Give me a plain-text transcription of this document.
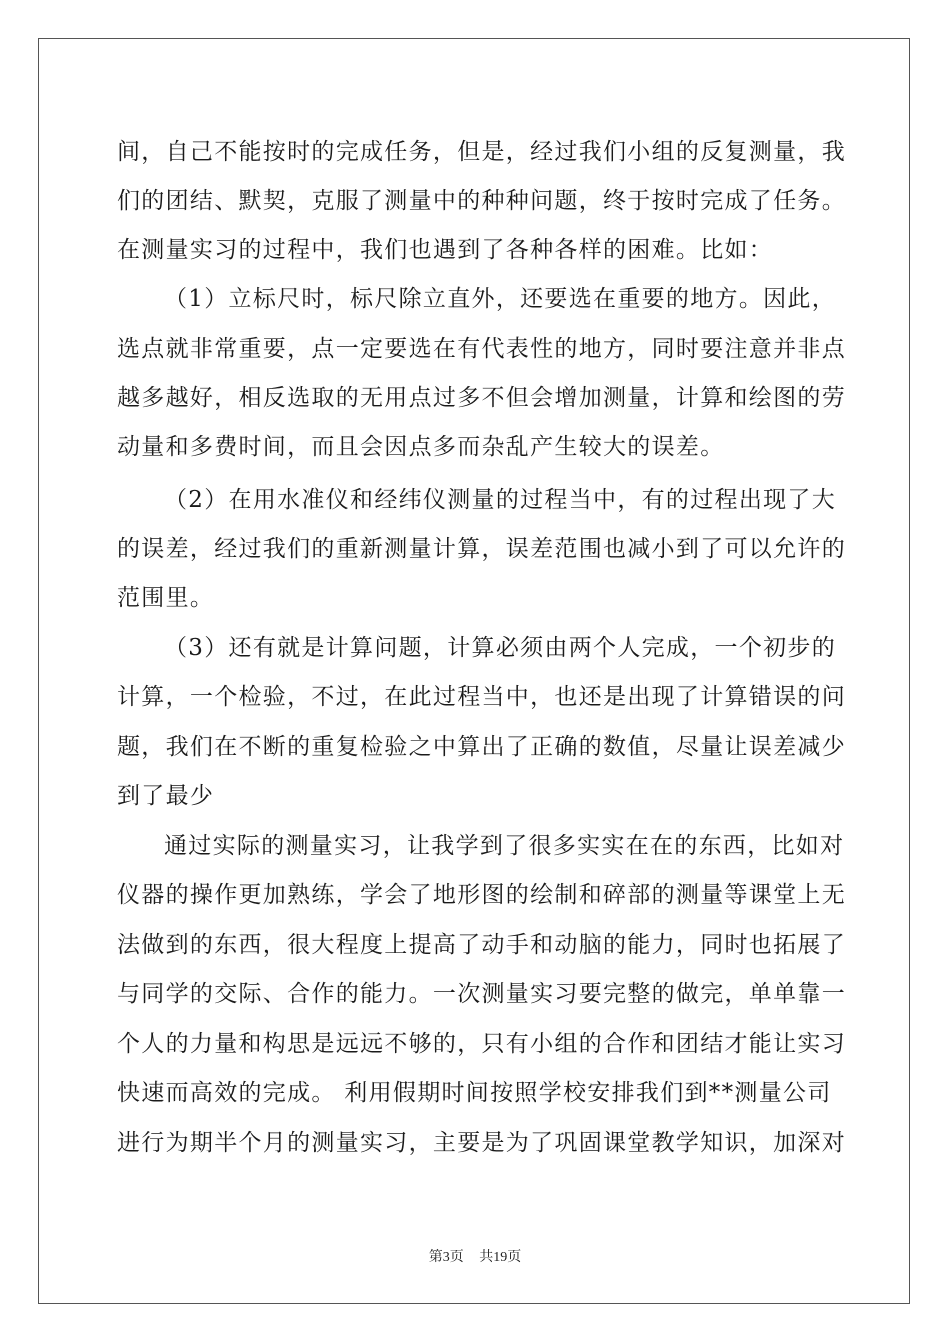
间，自己不能按时的完成任务，但是，经过我们小组的反复测量，我
们的团结、默契，克服了测量中的种种问题，终于按时完成了任务。
在测量实习的过程中，我们也遇到了各种各样的困难。比如：
（1）立标尺时，标尺除立直外，还要选在重要的地方。因此，
选点就非常重要，点一定要选在有代表性的地方，同时要注意并非点
越多越好，相反选取的无用点过多不但会增加测量，计算和绘图的劳
动量和多费时间，而且会因点多而杂乱产生较大的误差。
（2）在用水准仪和经纬仪测量的过程当中，有的过程出现了大
的误差，经过我们的重新测量计算，误差范围也减小到了可以允许的
范围里。
（3）还有就是计算问题，计算必须由两个人完成，一个初步的
计算，一个检验，不过，在此过程当中，也还是出现了计算错误的问
题，我们在不断的重复检验之中算出了正确的数值，尽量让误差减少
到了最少
通过实际的测量实习，让我学到了很多实实在在的东西，比如对
仪器的操作更加熟练，学会了地形图的绘制和碎部的测量等课堂上无
法做到的东西，很大程度上提高了动手和动脑的能力，同时也拓展了
与同学的交际、合作的能力。一次测量实习要完整的做完，单单靠一
个人的力量和构思是远远不够的，只有小组的合作和团结才能让实习
快速而高效的完成。 利用假期时间按照学校安排我们到**测量公司
进行为期半个月的测量实习，主要是为了巩固课堂教学知识，加深对
第3页 共19页
